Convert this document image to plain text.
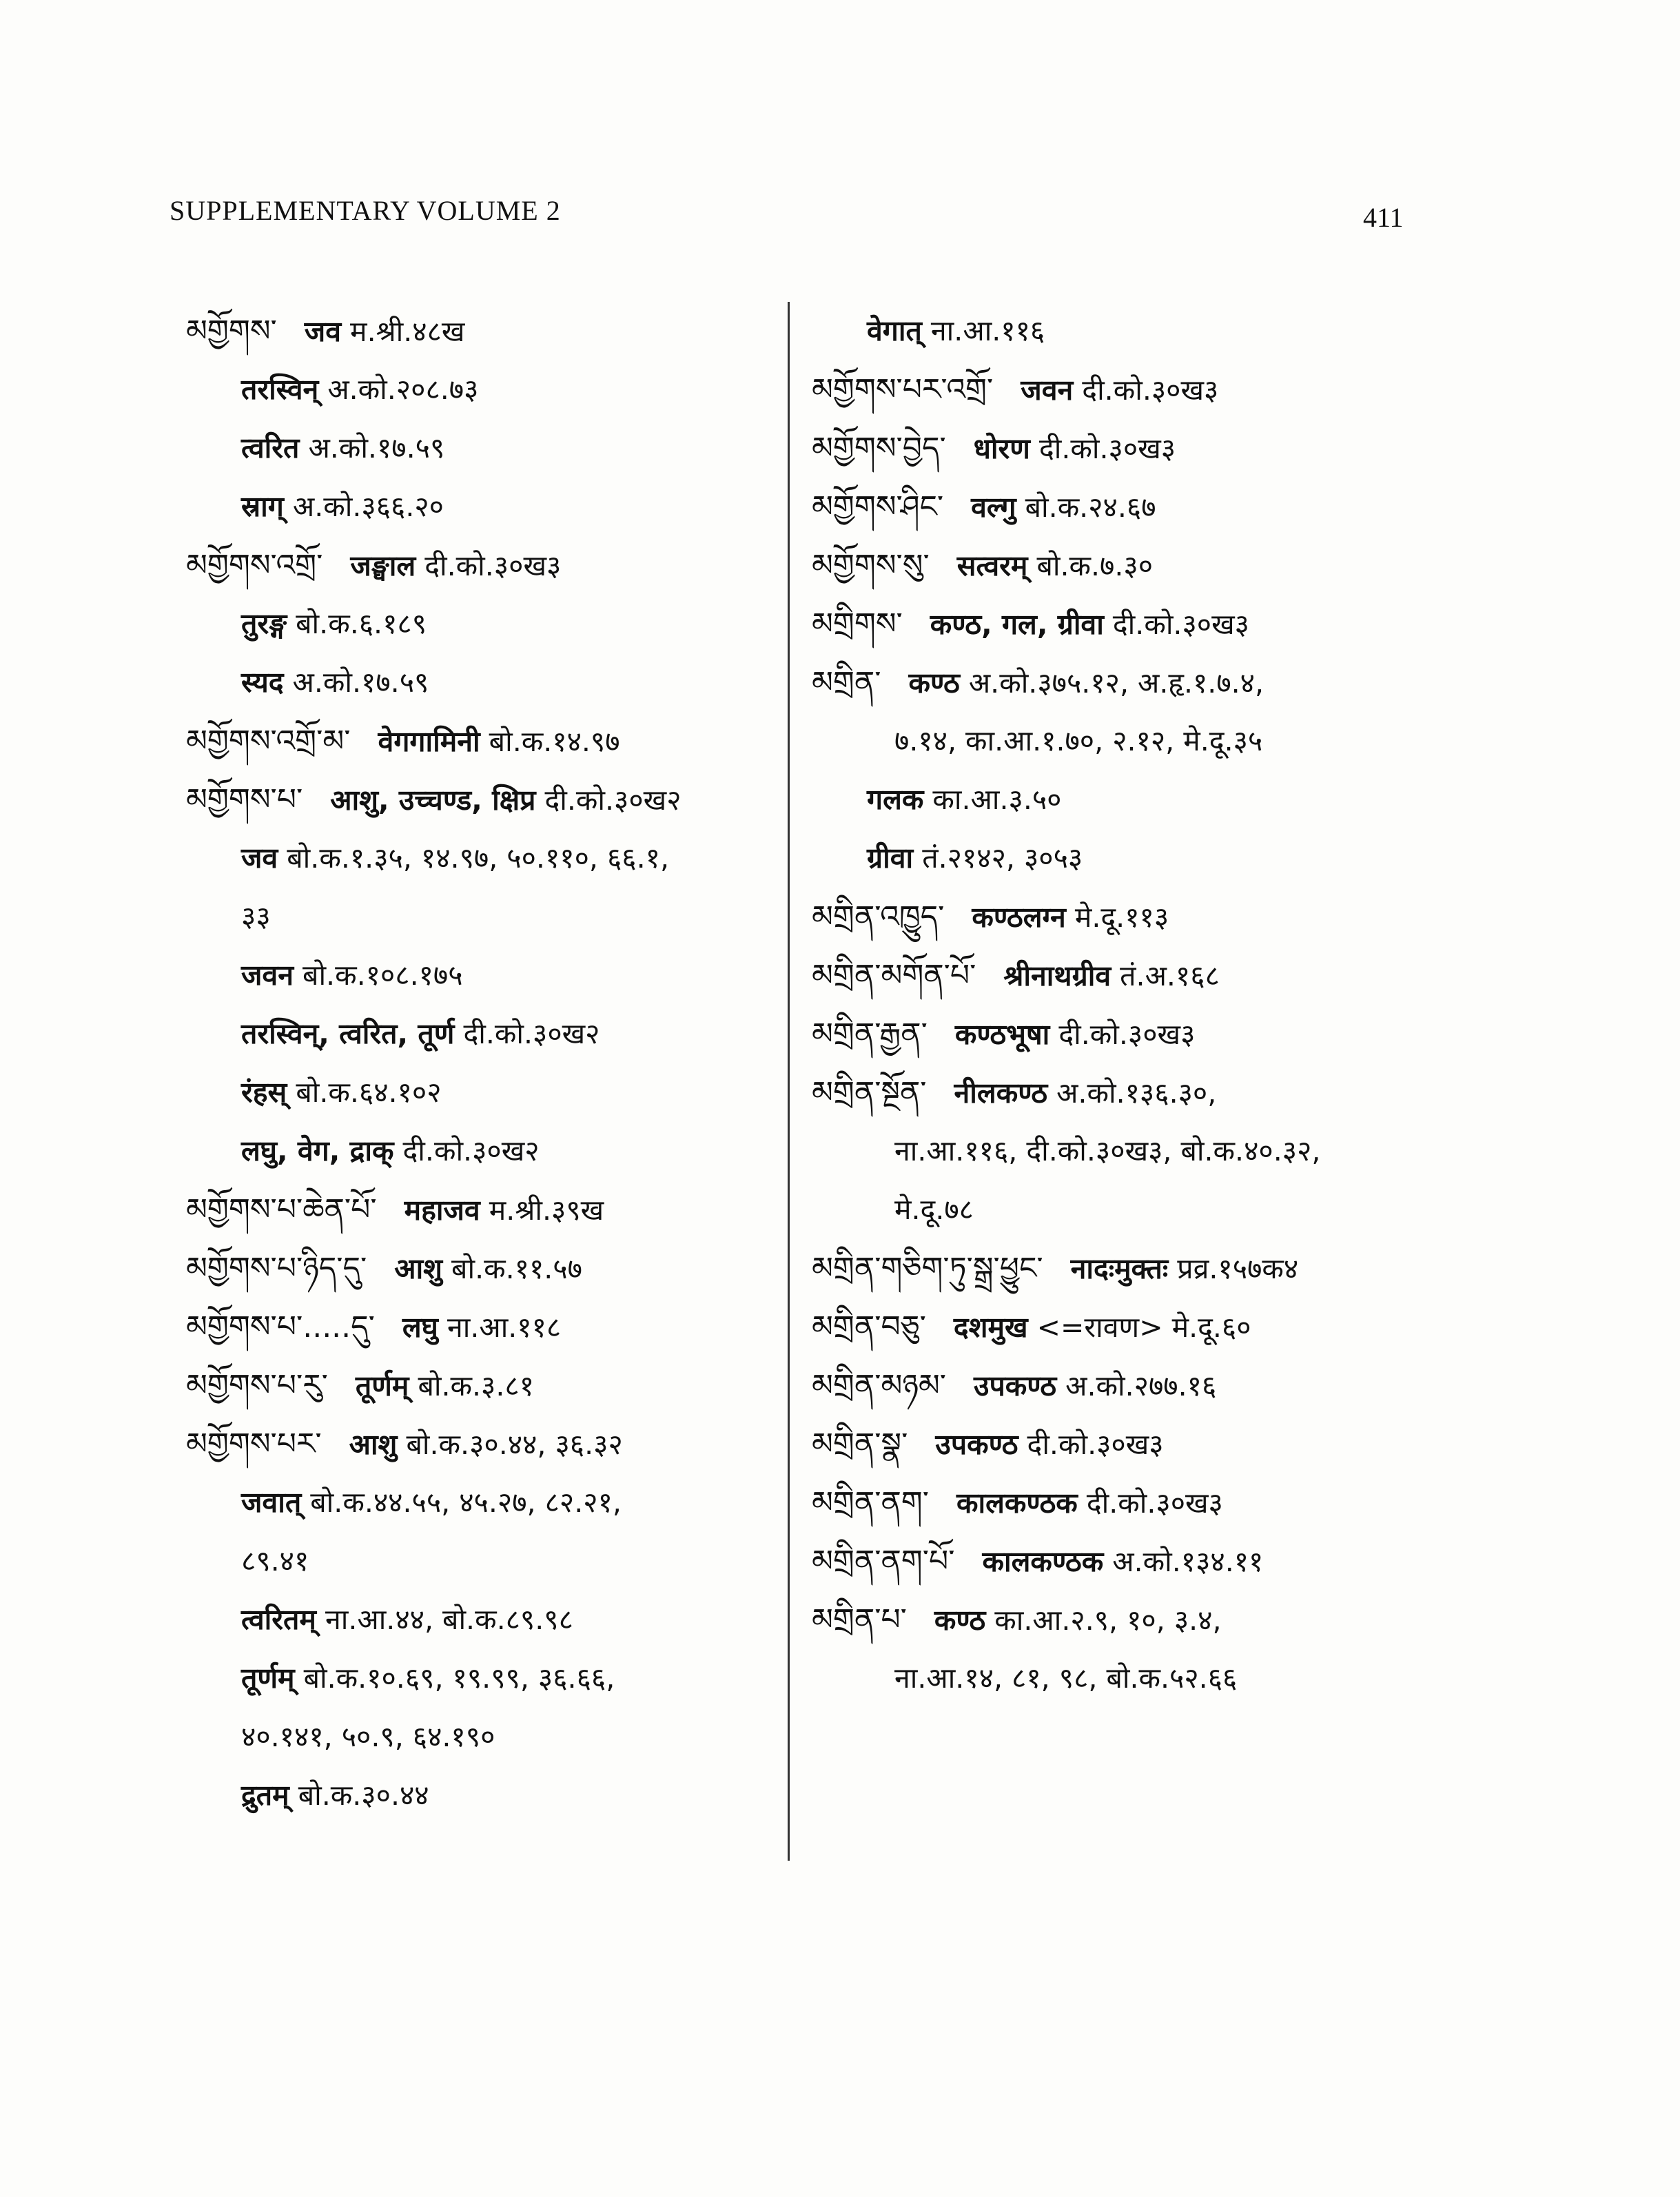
SUPPLEMENTARY VOLUME 2	411
མགྱོགས་ जव म.श्री.४८ख
तरस्विन् अ.को.२०८.७३
त्वरित अ.को.१७.५९
स्राग् अ.को.३६६.२०
མགྱོགས་འགྲོ་ जङ्घाल दी.को.३०ख३
तुरङ्ग बो.क.६.१८९
स्यद अ.को.१७.५९
མགྱོགས་འགྲོ་མ་ वेगगामिनी बो.क.१४.९७
མགྱོགས་པ་ आशु, उच्चण्ड, क्षिप्र दी.को.३०ख२
जव बो.क.१.३५, १४.९७, ५०.११०, ६६.१,
३३
जवन बो.क.१०८.१७५
तरस्विन्, त्वरित, तूर्ण दी.को.३०ख२
रंहस् बो.क.६४.१०२
लघु, वेग, द्राक् दी.को.३०ख२
མགྱོགས་པ་ཆེན་པོ་ महाजव म.श्री.३९ख
མགྱོགས་པ་ཉིད་དུ་ आशु बो.क.११.५७
མགྱོགས་པ་.....དུ་ लघु ना.आ.११८
མགྱོགས་པ་རུ་ तूर्णम् बो.क.३.८१
མགྱོགས་པར་ आशु बो.क.३०.४४, ३६.३२
जवात् बो.क.४४.५५, ४५.२७, ८२.२१,
८९.४१
त्वरितम् ना.आ.४४, बो.क.८९.९८
तूर्णम् बो.क.१०.६९, १९.९९, ३६.६६,
४०.१४१, ५०.९, ६४.१९०
द्रुतम् बो.क.३०.४४
वेगात् ना.आ.११६
མགྱོགས་པར་འགྲོ་ जवन दी.को.३०ख३
མགྱོགས་བྱེད་ धोरण दी.को.३०ख३
མགྱོགས་ཤིང་ वल्गु बो.क.२४.६७
མགྱོགས་སུ་ सत्वरम् बो.क.७.३०
མགྲིགས་ कण्ठ, गल, ग्रीवा दी.को.३०ख३
མགྲིན་ कण्ठ अ.को.३७५.१२, अ.हृ.१.७.४,
७.१४, का.आ.१.७०, २.१२, मे.दू.३५
गलक का.आ.३.५०
ग्रीवा तं.२१४२, ३०५३
མགྲིན་འཁྱུད་ कण्ठलग्न मे.दू.११३
མགྲིན་མགོན་པོ་ श्रीनाथग्रीव तं.अ.१६८
མགྲིན་རྒྱན་ कण्ठभूषा दी.को.३०ख३
མགྲིན་སྔོན་ नीलकण्ठ अ.को.१३६.३०,
ना.आ.११६, दी.को.३०ख३, बो.क.४०.३२,
मे.दू.७८
མགྲིན་གཅིག་ཏུ་སྒྲ་ཕྱུང་ नादःमुक्तः प्रव्र.१५७क४
མགྲིན་བཅུ་ दशमुख <=रावण> मे.दू.६०
མགྲིན་མཉམ་ उपकण्ठ अ.को.२७७.१६
མགྲིན་སྣ་ उपकण्ठ दी.को.३०ख३
མགྲིན་ནག་ कालकण्ठक दी.को.३०ख३
མགྲིན་ནག་པོ་ कालकण्ठक अ.को.१३४.११
མགྲིན་པ་ कण्ठ का.आ.२.९, १०, ३.४,
ना.आ.१४, ८१, ९८, बो.क.५२.६६
